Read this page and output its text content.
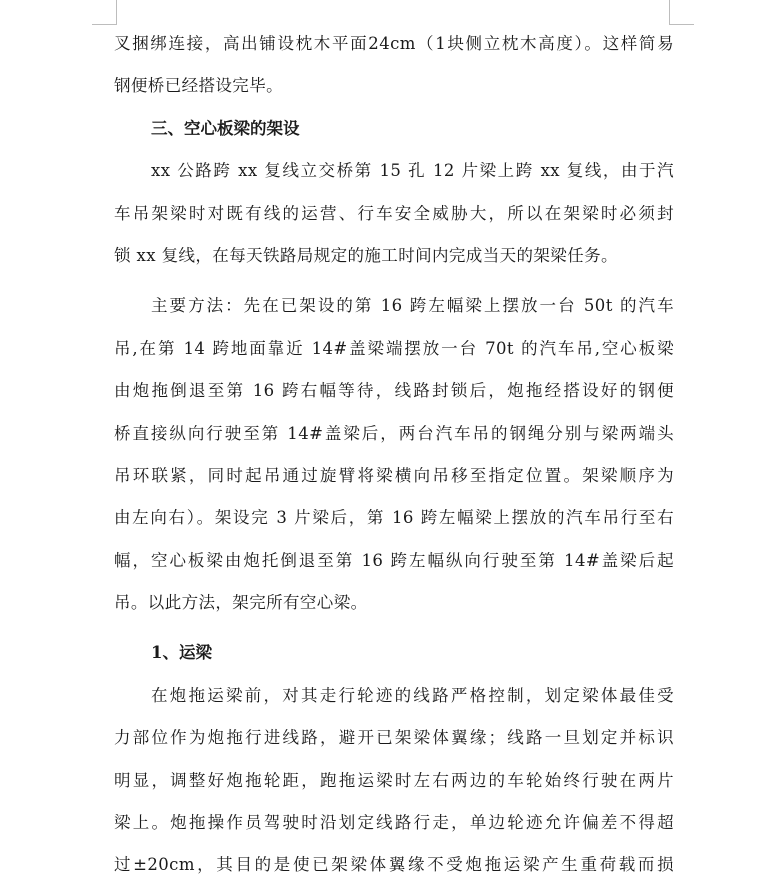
叉捆绑连接，高出铺设枕木平面24cm（1块侧立枕木高度）。这样简易
钢便桥已经搭设完毕。
三、空心板梁的架设
xx 公路跨 xx 复线立交桥第 15 孔 12 片梁上跨 xx 复线，由于汽
车吊架梁时对既有线的运营、行车安全威胁大，所以在架梁时必须封
锁 xx 复线，在每天铁路局规定的施工时间内完成当天的架梁任务。
主要方法：先在已架设的第 16 跨左幅梁上摆放一台 50t 的汽车
吊,在第 14 跨地面靠近 14#盖梁端摆放一台 70t 的汽车吊,空心板梁
由炮拖倒退至第 16 跨右幅等待，线路封锁后，炮拖经搭设好的钢便
桥直接纵向行驶至第 14#盖梁后，两台汽车吊的钢绳分别与梁两端头
吊环联紧，同时起吊通过旋臂将梁横向吊移至指定位置。架梁顺序为
由左向右）。架设完 3 片梁后，第 16 跨左幅梁上摆放的汽车吊行至右
幅，空心板梁由炮托倒退至第 16 跨左幅纵向行驶至第 14#盖梁后起
吊。以此方法，架完所有空心梁。
1、运梁
在炮拖运梁前，对其走行轮迹的线路严格控制，划定梁体最佳受
力部位作为炮拖行进线路，避开已架梁体翼缘；线路一旦划定并标识
明显，调整好炮拖轮距，跑拖运梁时左右两边的车轮始终行驶在两片
梁上。炮拖操作员驾驶时沿划定线路行走，单边轮迹允许偏差不得超
过±20cm，其目的是使已架梁体翼缘不受炮拖运梁产生重荷载而损
